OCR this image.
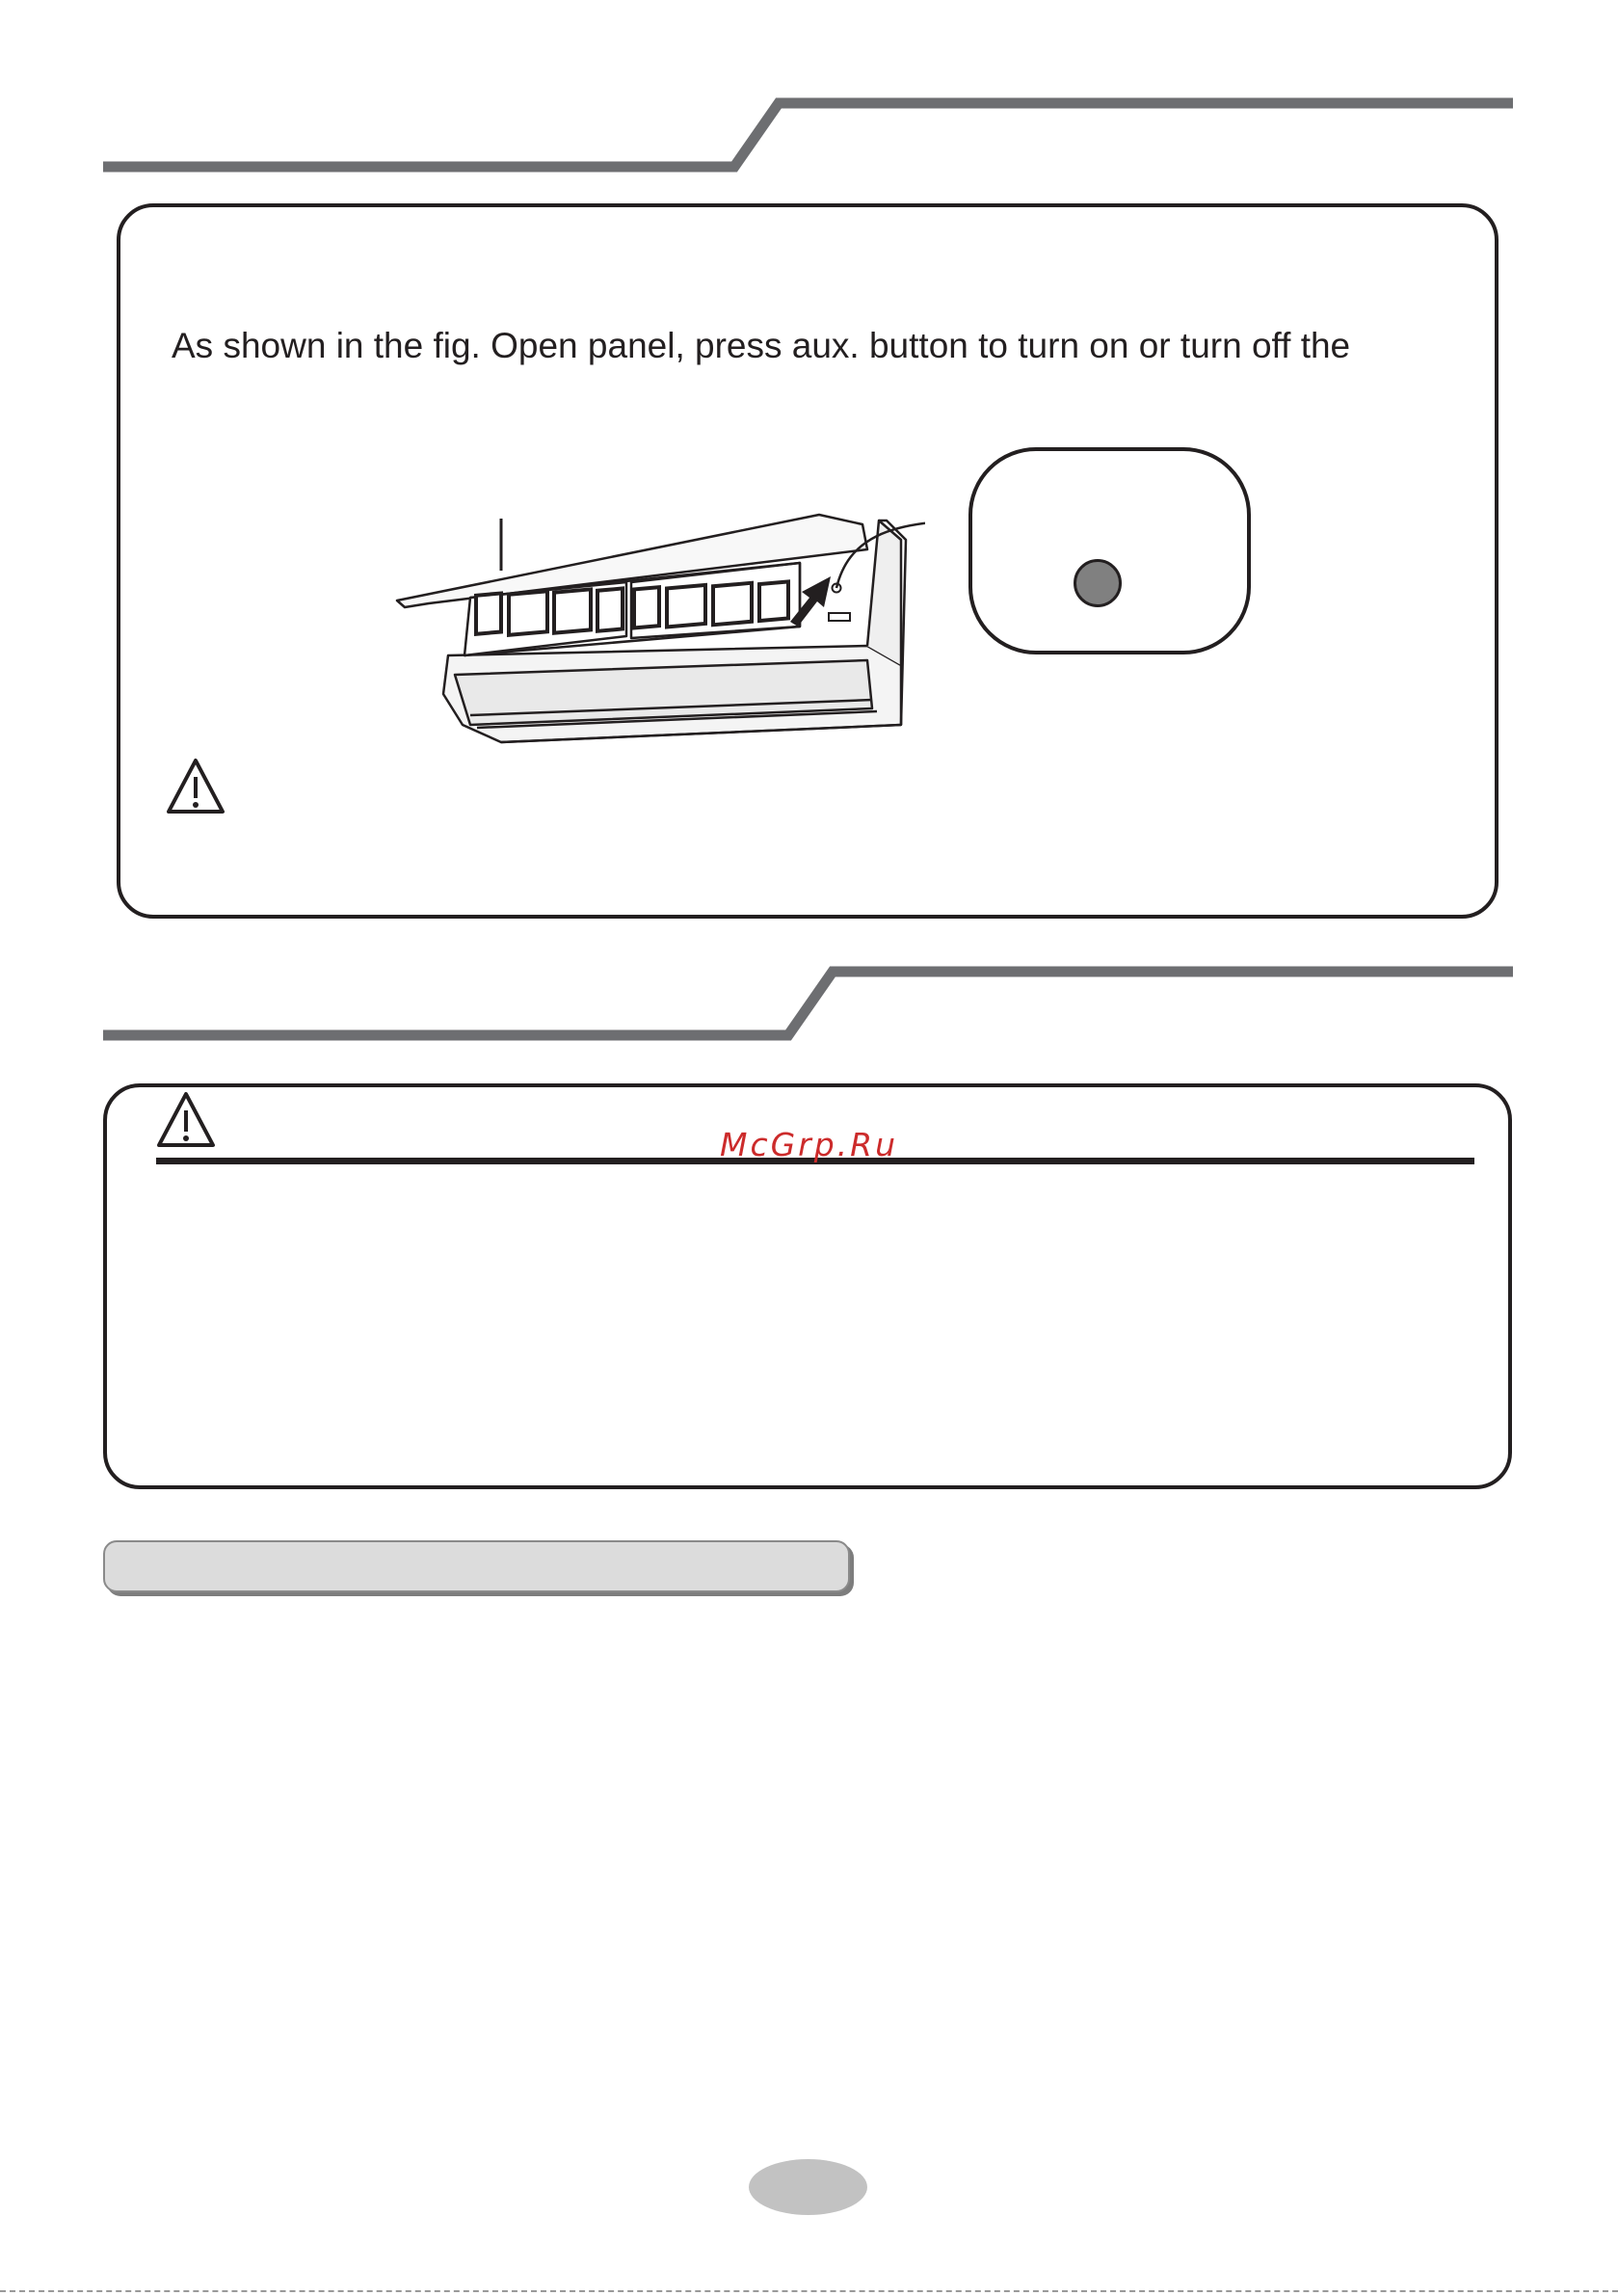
As shown in the fig. Open panel, press aux. button to turn on or turn off the
McGrp.Ru
